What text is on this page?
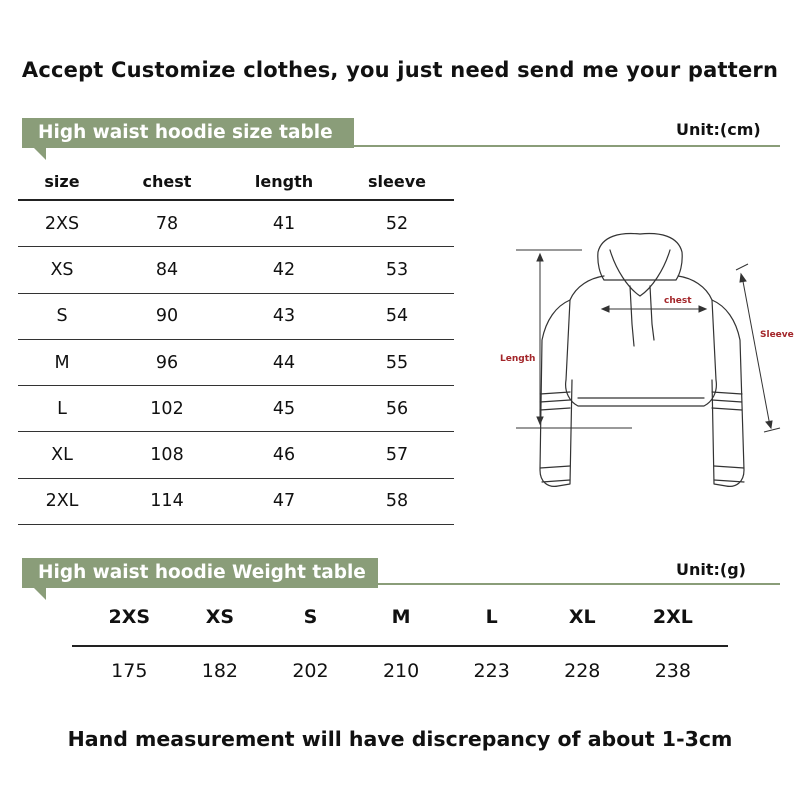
Accept Customize clothes, you just need send me your pattern
High waist hoodie size table	Unit:(cm)
size	chest	length	sleeve
2XS	78	41	52
XS	84	42	53
S	90	43	54
M	96	44	55
L	102	45	56
XL	108	46	57
2XL	114	47	58
chest
Length
Sleeve
High waist hoodie Weight table	Unit:(g)
2XS	XS	S	M	L	XL	2XL
175	182	202	210	223	228	238
Hand measurement will have discrepancy of about 1-3cm
